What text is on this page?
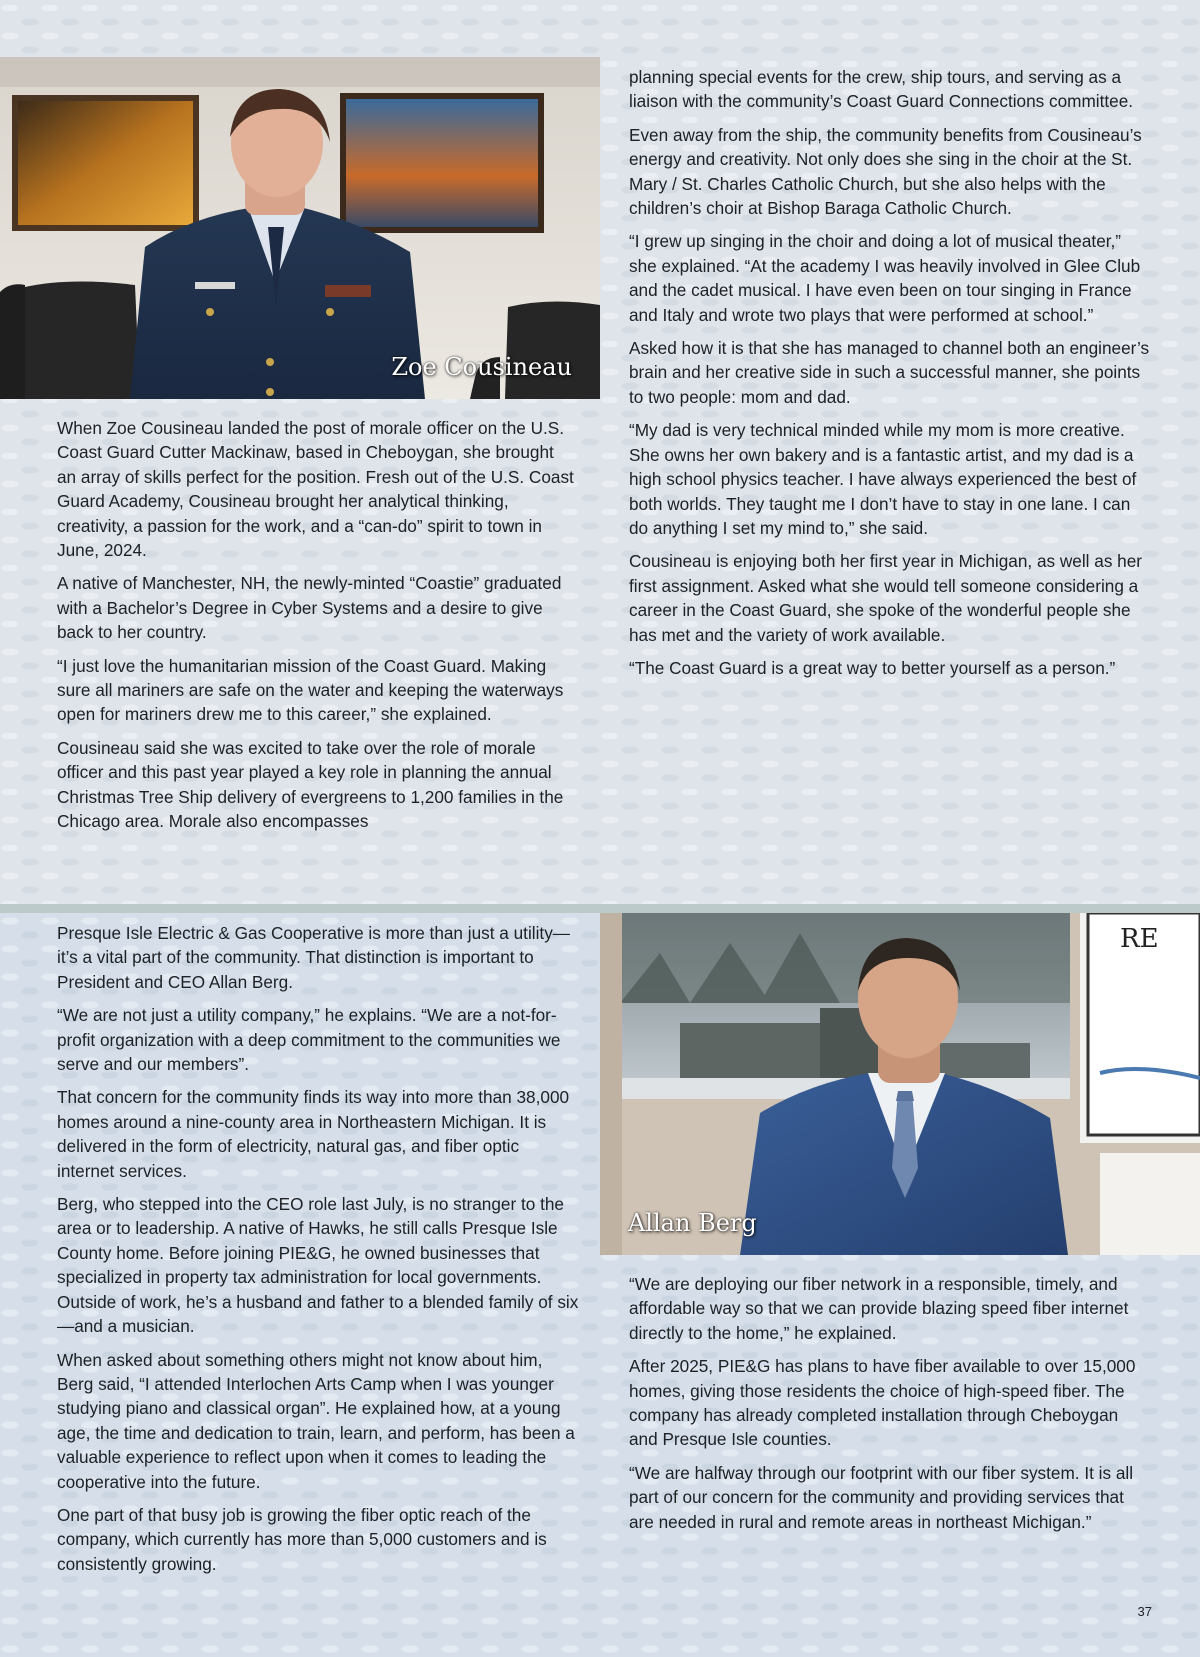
Zoe Cousineau

When Zoe Cousineau landed the post of morale officer on the U.S. Coast Guard Cutter Mackinaw, based in Cheboygan, she brought an array of skills perfect for the position. Fresh out of the U.S. Coast Guard Academy, Cousineau brought her analytical thinking, creativity, a passion for the work, and a “can-do” spirit to town in June, 2024.

A native of Manchester, NH, the newly-minted “Coastie” graduated with a Bachelor’s Degree in Cyber Systems and a desire to give back to her country.

“I just love the humanitarian mission of the Coast Guard. Making sure all mariners are safe on the water and keeping the waterways open for mariners drew me to this career,” she explained.

Cousineau said she was excited to take over the role of morale officer and this past year played a key role in planning the annual Christmas Tree Ship delivery of evergreens to 1,200 families in the Chicago area. Morale also encompasses

planning special events for the crew, ship tours, and serving as a liaison with the community’s Coast Guard Connections committee.

Even away from the ship, the community benefits from Cousineau’s energy and creativity. Not only does she sing in the choir at the St. Mary / St. Charles Catholic Church, but she also helps with the children’s choir at Bishop Baraga Catholic Church.

“I grew up singing in the choir and doing a lot of musical theater,” she explained. “At the academy I was heavily involved in Glee Club and the cadet musical. I have even been on tour singing in France and Italy and wrote two plays that were performed at school.”

Asked how it is that she has managed to channel both an engineer’s brain and her creative side in such a successful manner, she points to two people: mom and dad.

“My dad is very technical minded while my mom is more creative. She owns her own bakery and is a fantastic artist, and my dad is a high school physics teacher. I have always experienced the best of both worlds. They taught me I don’t have to stay in one lane. I can do anything I set my mind to,” she said.

Cousineau is enjoying both her first year in Michigan, as well as her first assignment. Asked what she would tell someone considering a career in the Coast Guard, she spoke of the wonderful people she has met and the variety of work available.

“The Coast Guard is a great way to better yourself as a person.”

RE
Allan Berg

Presque Isle Electric & Gas Cooperative is more than just a utility—it’s a vital part of the community. That distinction is important to President and CEO Allan Berg.

“We are not just a utility company,” he explains. “We are a not-for-profit organization with a deep commitment to the communities we serve and our members”.

That concern for the community finds its way into more than 38,000 homes around a nine-county area in Northeastern Michigan. It is delivered in the form of electricity, natural gas, and fiber optic internet services.

Berg, who stepped into the CEO role last July, is no stranger to the area or to leadership. A native of Hawks, he still calls Presque Isle County home. Before joining PIE&G, he owned businesses that specialized in property tax administration for local governments. Outside of work, he’s a husband and father to a blended family of six—and a musician.

When asked about something others might not know about him, Berg said, “I attended Interlochen Arts Camp when I was younger studying piano and classical organ”. He explained how, at a young age, the time and dedication to train, learn, and perform, has been a valuable experience to reflect upon when it comes to leading the cooperative into the future.

One part of that busy job is growing the fiber optic reach of the company, which currently has more than 5,000 customers and is consistently growing.

“We are deploying our fiber network in a responsible, timely, and affordable way so that we can provide blazing speed fiber internet directly to the home,” he explained.

After 2025, PIE&G has plans to have fiber available to over 15,000 homes, giving those residents the choice of high-speed fiber. The company has already completed installation through Cheboygan and Presque Isle counties.

“We are halfway through our footprint with our fiber system. It is all part of our concern for the community and providing services that are needed in rural and remote areas in northeast Michigan.”

37
